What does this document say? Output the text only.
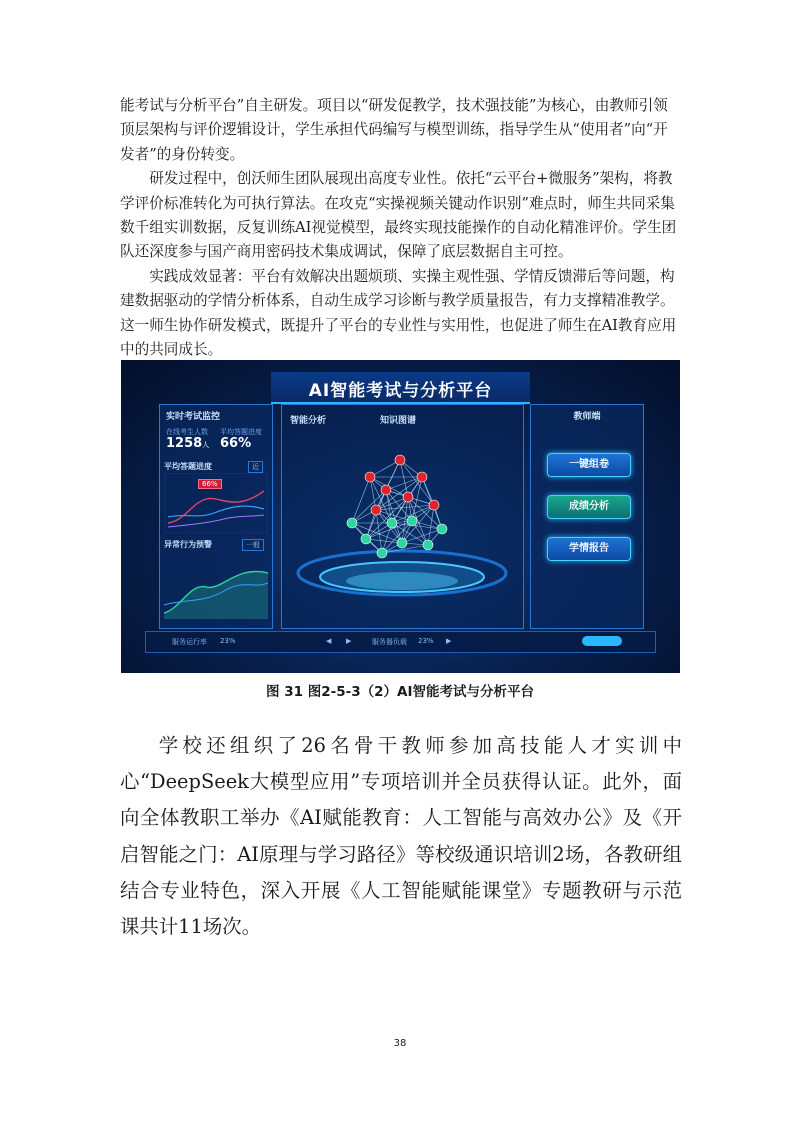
能考试与分析平台”自主研发。项目以“研发促教学，技术强技能”为核心，由教师引领顶层架构与评价逻辑设计，学生承担代码编写与模型训练，指导学生从“使用者”向“开发者”的身份转变。

研发过程中，创沃师生团队展现出高度专业性。依托“云平台+微服务”架构，将教学评价标准转化为可执行算法。在攻克“实操视频关键动作识别”难点时，师生共同采集数千组实训数据，反复训练AI视觉模型，最终实现技能操作的自动化精准评价。学生团队还深度参与国产商用密码技术集成调试，保障了底层数据自主可控。

实践成效显著：平台有效解决出题烦琐、实操主观性强、学情反馈滞后等问题，构建数据驱动的学情分析体系，自动生成学习诊断与教学质量报告，有力支撑精准教学。这一师生协作研发模式，既提升了平台的专业性与实用性，也促进了师生在AI教育应用中的共同成长。

AI智能考试与分析平台
实时考试监控
在线考生人数 平均答题进度
1258人 66%
平均答题进度	近
66%
异常行为预警	一般
智能分析	知识图谱	教师端
一键组卷
成绩分析
学情报告
服务运行率 23%	◀ ▶	服务器负载 23% ▶
图 31 图2-5-3（2）AI智能考试与分析平台

学校还组织了26名骨干教师参加高技能人才实训中心“DeepSeek大模型应用”专项培训并全员获得认证。此外，面向全体教职工举办《AI赋能教育：人工智能与高效办公》及《开启智能之门：AI原理与学习路径》等校级通识培训2场，各教研组结合专业特色，深入开展《人工智能赋能课堂》专题教研与示范课共计11场次。

38
